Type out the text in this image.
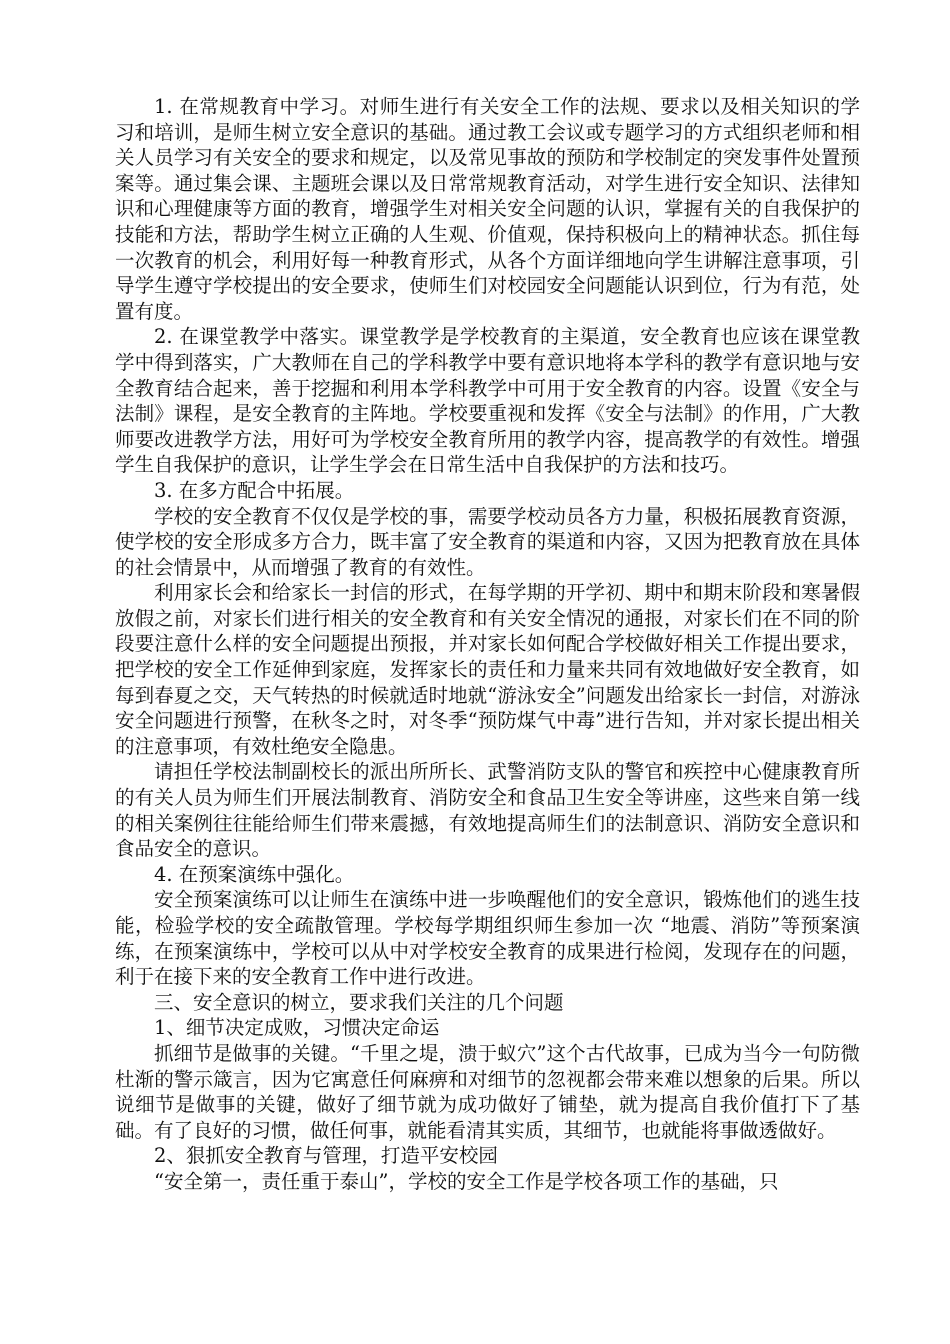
1. 在常规教育中学习。对师生进行有关安全工作的法规、要求以及相关知识的学习和培训，是师生树立安全意识的基础。通过教工会议或专题学习的方式组织老师和相关人员学习有关安全的要求和规定，以及常见事故的预防和学校制定的突发事件处置预案等。通过集会课、主题班会课以及日常常规教育活动，对学生进行安全知识、法律知识和心理健康等方面的教育，增强学生对相关安全问题的认识，掌握有关的自我保护的技能和方法，帮助学生树立正确的人生观、价值观，保持积极向上的精神状态。抓住每一次教育的机会，利用好每一种教育形式，从各个方面详细地向学生讲解注意事项，引导学生遵守学校提出的安全要求，使师生们对校园安全问题能认识到位，行为有范，处置有度。

2. 在课堂教学中落实。课堂教学是学校教育的主渠道，安全教育也应该在课堂教学中得到落实，广大教师在自己的学科教学中要有意识地将本学科的教学有意识地与安全教育结合起来，善于挖掘和利用本学科教学中可用于安全教育的内容。设置《安全与法制》课程，是安全教育的主阵地。学校要重视和发挥《安全与法制》的作用，广大教师要改进教学方法，用好可为学校安全教育所用的教学内容，提高教学的有效性。增强学生自我保护的意识，让学生学会在日常生活中自我保护的方法和技巧。

3. 在多方配合中拓展。

学校的安全教育不仅仅是学校的事，需要学校动员各方力量，积极拓展教育资源，使学校的安全形成多方合力，既丰富了安全教育的渠道和内容，又因为把教育放在具体的社会情景中，从而增强了教育的有效性。

利用家长会和给家长一封信的形式，在每学期的开学初、期中和期末阶段和寒暑假放假之前，对家长们进行相关的安全教育和有关安全情况的通报，对家长们在不同的阶段要注意什么样的安全问题提出预报，并对家长如何配合学校做好相关工作提出要求，把学校的安全工作延伸到家庭，发挥家长的责任和力量来共同有效地做好安全教育，如每到春夏之交，天气转热的时候就适时地就“游泳安全”问题发出给家长一封信，对游泳安全问题进行预警，在秋冬之时，对冬季“预防煤气中毒”进行告知，并对家长提出相关的注意事项，有效杜绝安全隐患。

请担任学校法制副校长的派出所所长、武警消防支队的警官和疾控中心健康教育所的有关人员为师生们开展法制教育、消防安全和食品卫生安全等讲座，这些来自第一线的相关案例往往能给师生们带来震撼，有效地提高师生们的法制意识、消防安全意识和食品安全的意识。

4. 在预案演练中强化。

安全预案演练可以让师生在演练中进一步唤醒他们的安全意识，锻炼他们的逃生技能，检验学校的安全疏散管理。学校每学期组织师生参加一次 “地震、消防”等预案演练，在预案演练中，学校可以从中对学校安全教育的成果进行检阅，发现存在的问题，利于在接下来的安全教育工作中进行改进。

三、安全意识的树立，要求我们关注的几个问题

1、细节决定成败，习惯决定命运

抓细节是做事的关键。“千里之堤，溃于蚁穴”这个古代故事，已成为当今一句防微杜渐的警示箴言，因为它寓意任何麻痹和对细节的忽视都会带来难以想象的后果。所以说细节是做事的关键，做好了细节就为成功做好了铺垫，就为提高自我价值打下了基础。有了良好的习惯，做任何事，就能看清其实质，其细节，也就能将事做透做好。

2、狠抓安全教育与管理，打造平安校园

“安全第一，责任重于泰山”，学校的安全工作是学校各项工作的基础，只
